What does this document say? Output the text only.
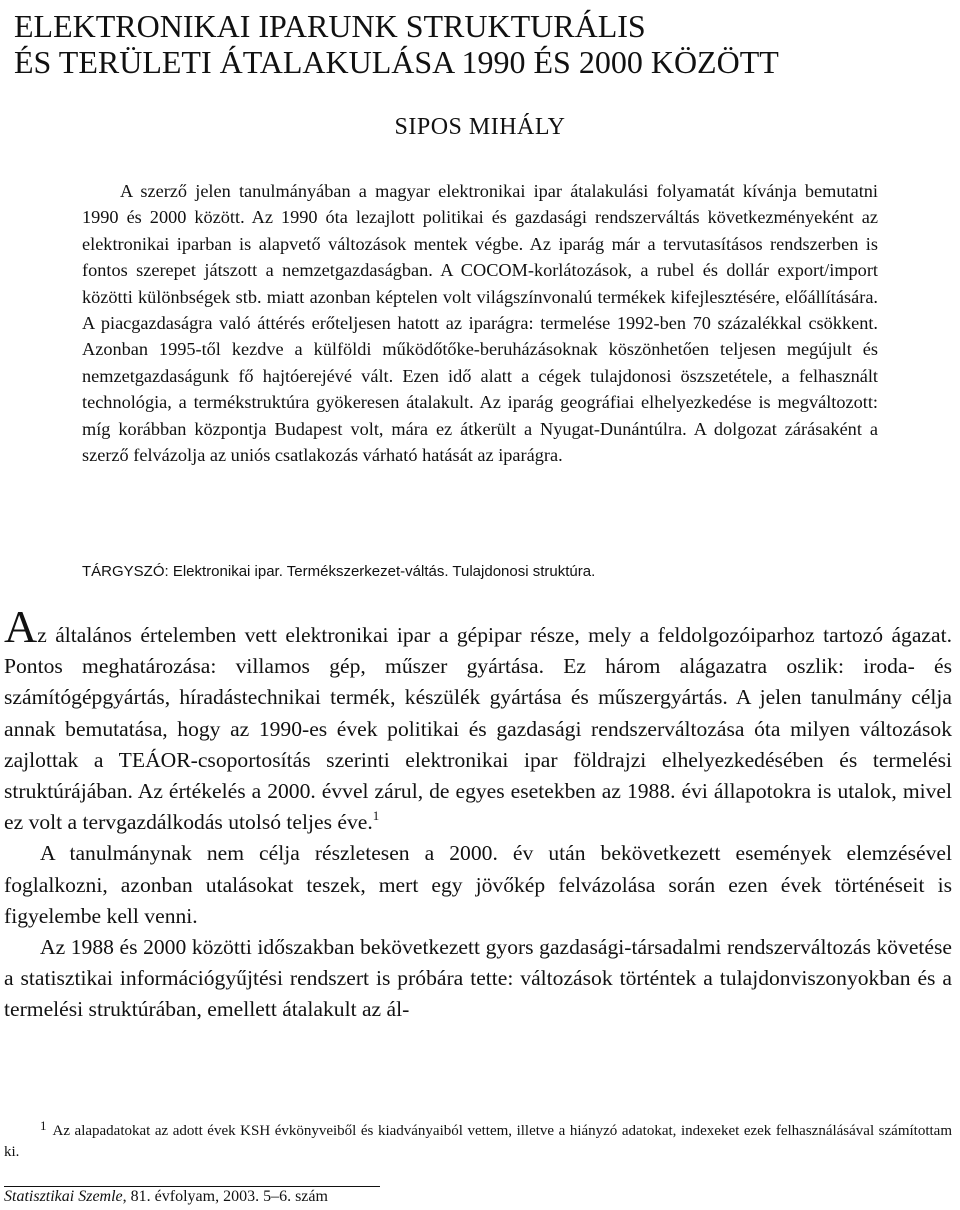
ELEKTRONIKAI IPARUNK STRUKTURÁLIS
ÉS TERÜLETI ÁTALAKULÁSA 1990 ÉS 2000 KÖZÖTT
SIPOS MIHÁLY

A szerző jelen tanulmányában a magyar elektronikai ipar átalakulási folyamatát kívánja bemutatni 1990 és 2000 között. Az 1990 óta lezajlott politikai és gazdasági rendszerváltás következményeként az elektronikai iparban is alapvető változások mentek végbe. Az iparág már a tervutasításos rendszerben is fontos szerepet játszott a nemzetgazdaságban. A COCOM-korlátozások, a rubel és dollár export/import közötti különbségek stb. miatt azonban képtelen volt világszínvonalú termékek kifejlesztésére, előállítására. A piacgazdaságra való áttérés erőteljesen hatott az iparágra: termelése 1992-ben 70 százalékkal csökkent. Azonban 1995-től kezdve a külföldi működőtőke-beruházásoknak köszönhetően teljesen megújult és nemzetgazdaságunk fő hajtóerejévé vált. Ezen idő alatt a cégek tulajdonosi öszszetétele, a felhasznált technológia, a termékstruktúra gyökeresen átalakult. Az iparág geográfiai elhelyezkedése is megváltozott: míg korábban központja Budapest volt, mára ez átkerült a Nyugat-Dunántúlra. A dolgozat zárásaként a szerző felvázolja az uniós csatlakozás várható hatását az iparágra.

TÁRGYSZÓ: Elektronikai ipar. Termékszerkezet-váltás. Tulajdonosi struktúra.

Az általános értelemben vett elektronikai ipar a gépipar része, mely a feldolgozóiparhoz tartozó ágazat. Pontos meghatározása: villamos gép, műszer gyártása. Ez három alágazatra oszlik: iroda- és számítógépgyártás, híradástechnikai termék, készülék gyártása és műszergyártás. A jelen tanulmány célja annak bemutatása, hogy az 1990-es évek politikai és gazdasági rendszerváltozása óta milyen változások zajlottak a TEÁOR-csoportosítás szerinti elektronikai ipar földrajzi elhelyezkedésében és termelési struktúrájában. Az értékelés a 2000. évvel zárul, de egyes esetekben az 1988. évi állapotokra is utalok, mivel ez volt a tervgazdálkodás utolsó teljes éve.$^1$

A tanulmánynak nem célja részletesen a 2000. év után bekövetkezett események elemzésével foglalkozni, azonban utalásokat teszek, mert egy jövőkép felvázolása során ezen évek történéseit is figyelembe kell venni.

Az 1988 és 2000 közötti időszakban bekövetkezett gyors gazdasági-társadalmi rendszerváltozás követése a statisztikai információgyűjtési rendszert is próbára tette: változások történtek a tulajdonviszonyokban és a termelési struktúrában, emellett átalakult az ál-

1 Az alapadatokat az adott évek KSH évkönyveiből és kiadványaiból vettem, illetve a hiányzó adatokat, indexeket ezek felhasználásával számítottam ki.

Statisztikai Szemle, 81. évfolyam, 2003. 5–6. szám
